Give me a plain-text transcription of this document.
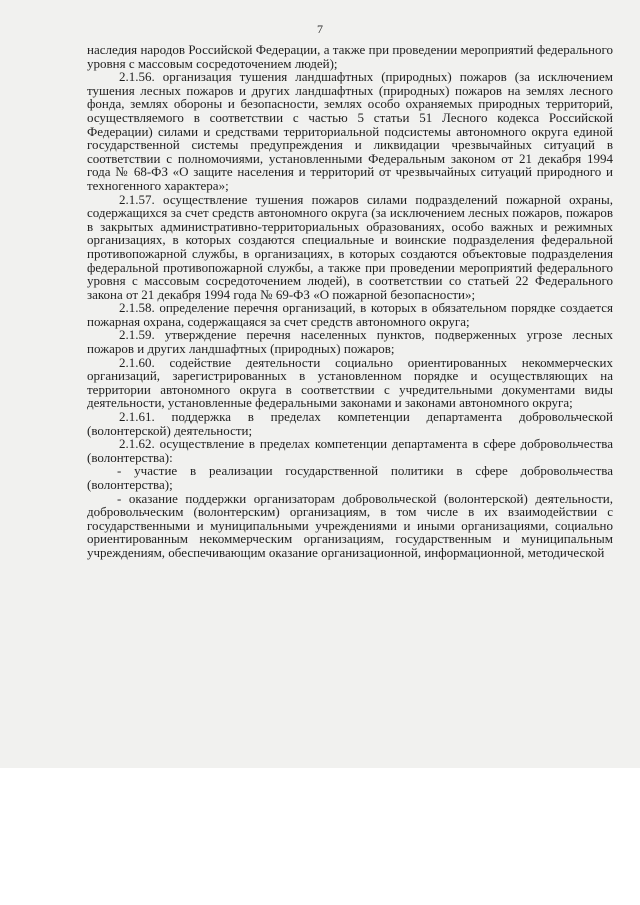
7

наследия народов Российской Федерации, а также при проведении мероприятий федерального уровня с массовым сосредоточением людей);

2.1.56. организация тушения ландшафтных (природных) пожаров (за исключением тушения лесных пожаров и других ландшафтных (природных) пожаров на землях лесного фонда, землях обороны и безопасности, землях особо охраняемых природных территорий, осуществляемого в соответствии с частью 5 статьи 51 Лесного кодекса Российской Федерации) силами и средствами территориальной подсистемы автономного округа единой государственной системы предупреждения и ликвидации чрезвычайных ситуаций в соответствии с полномочиями, установленными Федеральным законом от 21 декабря 1994 года № 68-ФЗ «О защите населения и территорий от чрезвычайных ситуаций природного и техногенного характера»;

2.1.57. осуществление тушения пожаров силами подразделений пожарной охраны, содержащихся за счет средств автономного округа (за исключением лесных пожаров, пожаров в закрытых административно-территориальных образованиях, особо важных и режимных организациях, в которых создаются специальные и воинские подразделения федеральной противопожарной службы, в организациях, в которых создаются объектовые подразделения федеральной противопожарной службы, а также при проведении мероприятий федерального уровня с массовым сосредоточением людей), в соответствии со статьей 22 Федерального закона от 21 декабря 1994 года № 69-ФЗ «О пожарной безопасности»;

2.1.58. определение перечня организаций, в которых в обязательном порядке создается пожарная охрана, содержащаяся за счет средств автономного округа;

2.1.59. утверждение перечня населенных пунктов, подверженных угрозе лесных пожаров и других ландшафтных (природных) пожаров;

2.1.60. содействие деятельности социально ориентированных некоммерческих организаций, зарегистрированных в установленном порядке и осуществляющих на территории автономного округа в соответствии с учредительными документами виды деятельности, установленные федеральными законами и законами автономного округа;

2.1.61. поддержка в пределах компетенции департамента добровольческой (волонтерской) деятельности;

2.1.62. осуществление в пределах компетенции департамента в сфере добровольчества (волонтерства):

- участие в реализации государственной политики в сфере добровольчества (волонтерства);

- оказание поддержки организаторам добровольческой (волонтерской) деятельности, добровольческим (волонтерским) организациям, в том числе в их взаимодействии с государственными и муниципальными учреждениями и иными организациями, социально ориентированным некоммерческим организациям, государственным и муниципальным учреждениям, обеспечивающим оказание организационной, информационной, методической
